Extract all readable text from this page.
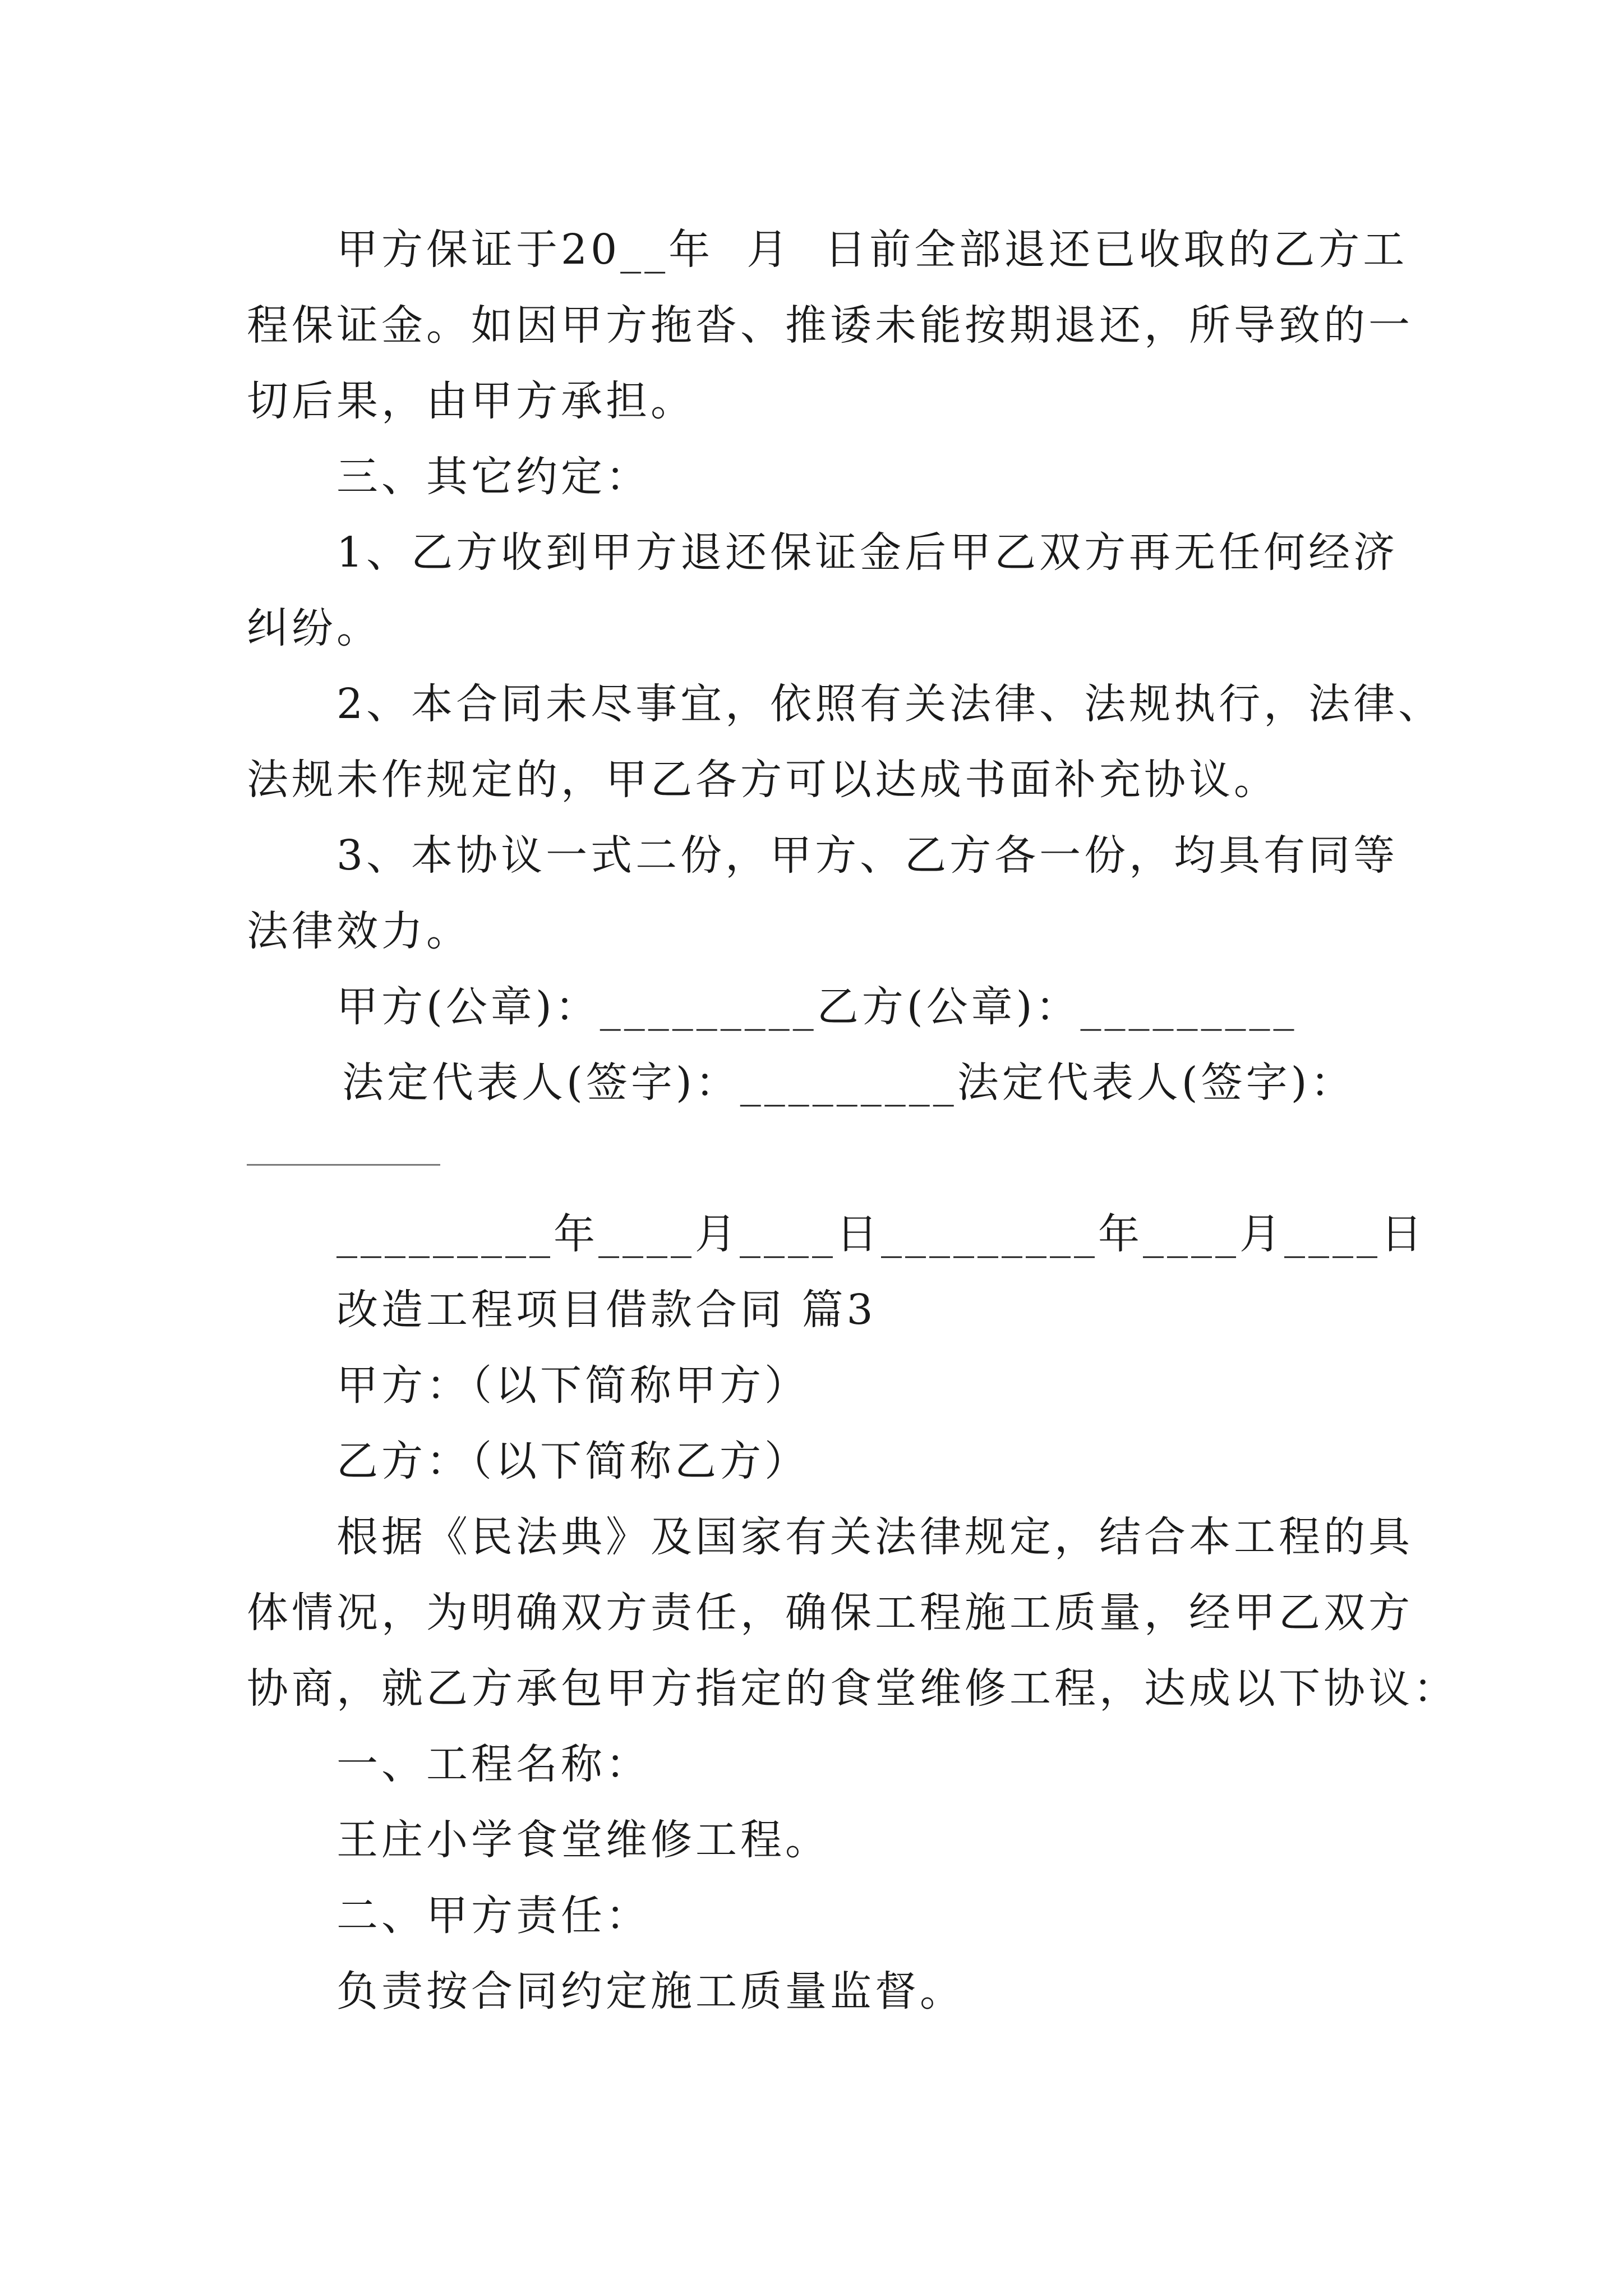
甲方保证于20__年  月  日前全部退还已收取的乙方工
程保证金。如因甲方拖沓、推诿未能按期退还，所导致的一
切后果，由甲方承担。
三、其它约定：
1、乙方收到甲方退还保证金后甲乙双方再无任何经济
纠纷。
2、本合同未尽事宜，依照有关法律、法规执行，法律、
法规未作规定的，甲乙各方可以达成书面补充协议。
3、本协议一式二份，甲方、乙方各一份，均具有同等
法律效力。
甲方(公章)：_________乙方(公章)：_________
法定代表人(签字)：_________法定代表人(签字)：
_________年____月____日_________年____月____日
改造工程项目借款合同 篇3
甲方：（以下简称甲方）
乙方：（以下简称乙方）
根据《民法典》及国家有关法律规定，结合本工程的具
体情况，为明确双方责任，确保工程施工质量，经甲乙双方
协商，就乙方承包甲方指定的食堂维修工程，达成以下协议：
一、工程名称：
王庄小学食堂维修工程。
二、甲方责任：
负责按合同约定施工质量监督。
